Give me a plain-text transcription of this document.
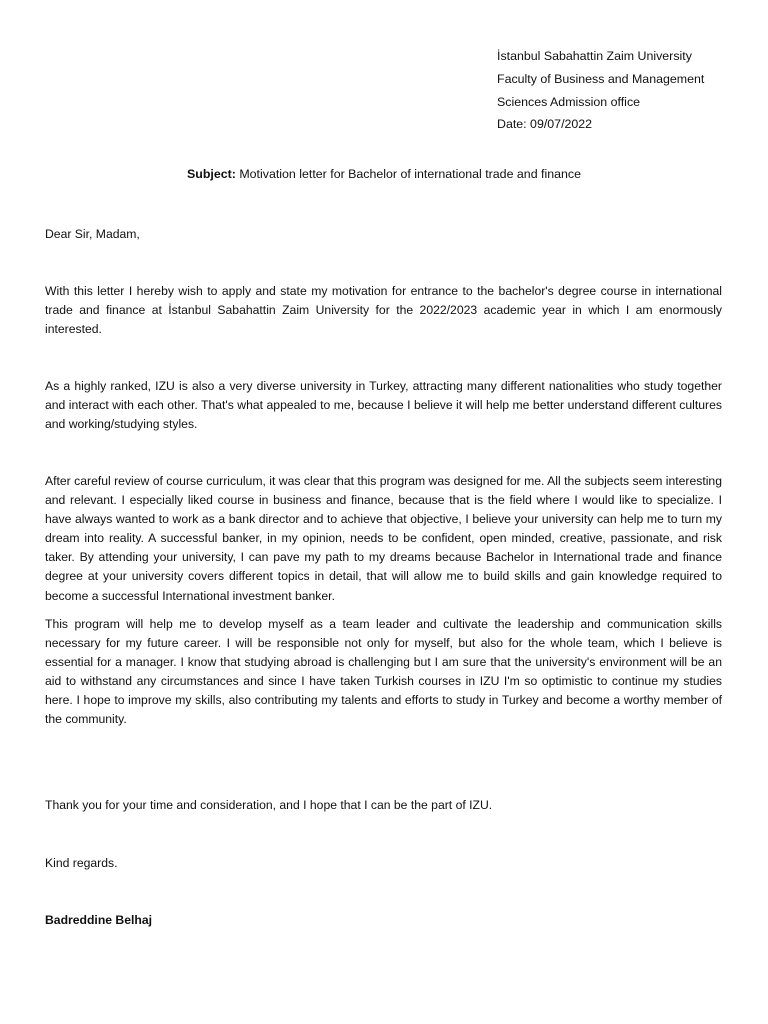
İstanbul Sabahattin Zaim University
Faculty of Business and Management
Sciences Admission office
Date: 09/07/2022
Subject: Motivation letter for Bachelor of international trade and finance

Dear Sir, Madam,

With this letter I hereby wish to apply and state my motivation for entrance to the bachelor's degree course in international trade and finance at İstanbul Sabahattin Zaim University for the 2022/2023 academic year in which I am enormously interested.

As a highly ranked, IZU is also a very diverse university in Turkey, attracting many different nationalities who study together and interact with each other. That's what appealed to me, because I believe it will help me better understand different cultures and working/studying styles.

After careful review of course curriculum, it was clear that this program was designed for me. All the subjects seem interesting and relevant. I especially liked course in business and finance, because that is the field where I would like to specialize. I have always wanted to work as a bank director and to achieve that objective, I believe your university can help me to turn my dream into reality. A successful banker, in my opinion, needs to be confident, open minded, creative, passionate, and risk taker. By attending your university, I can pave my path to my dreams because Bachelor in International trade and finance degree at your university covers different topics in detail, that will allow me to build skills and gain knowledge required to become a successful International investment banker.

This program will help me to develop myself as a team leader and cultivate the leadership and communication skills necessary for my future career. I will be responsible not only for myself, but also for the whole team, which I believe is essential for a manager. I know that studying abroad is challenging but I am sure that the university's environment will be an aid to withstand any circumstances and since I have taken Turkish courses in IZU I'm so optimistic to continue my studies here. I hope to improve my skills, also contributing my talents and efforts to study in Turkey and become a worthy member of the community.

Thank you for your time and consideration, and I hope that I can be the part of IZU.

Kind regards.

Badreddine Belhaj
